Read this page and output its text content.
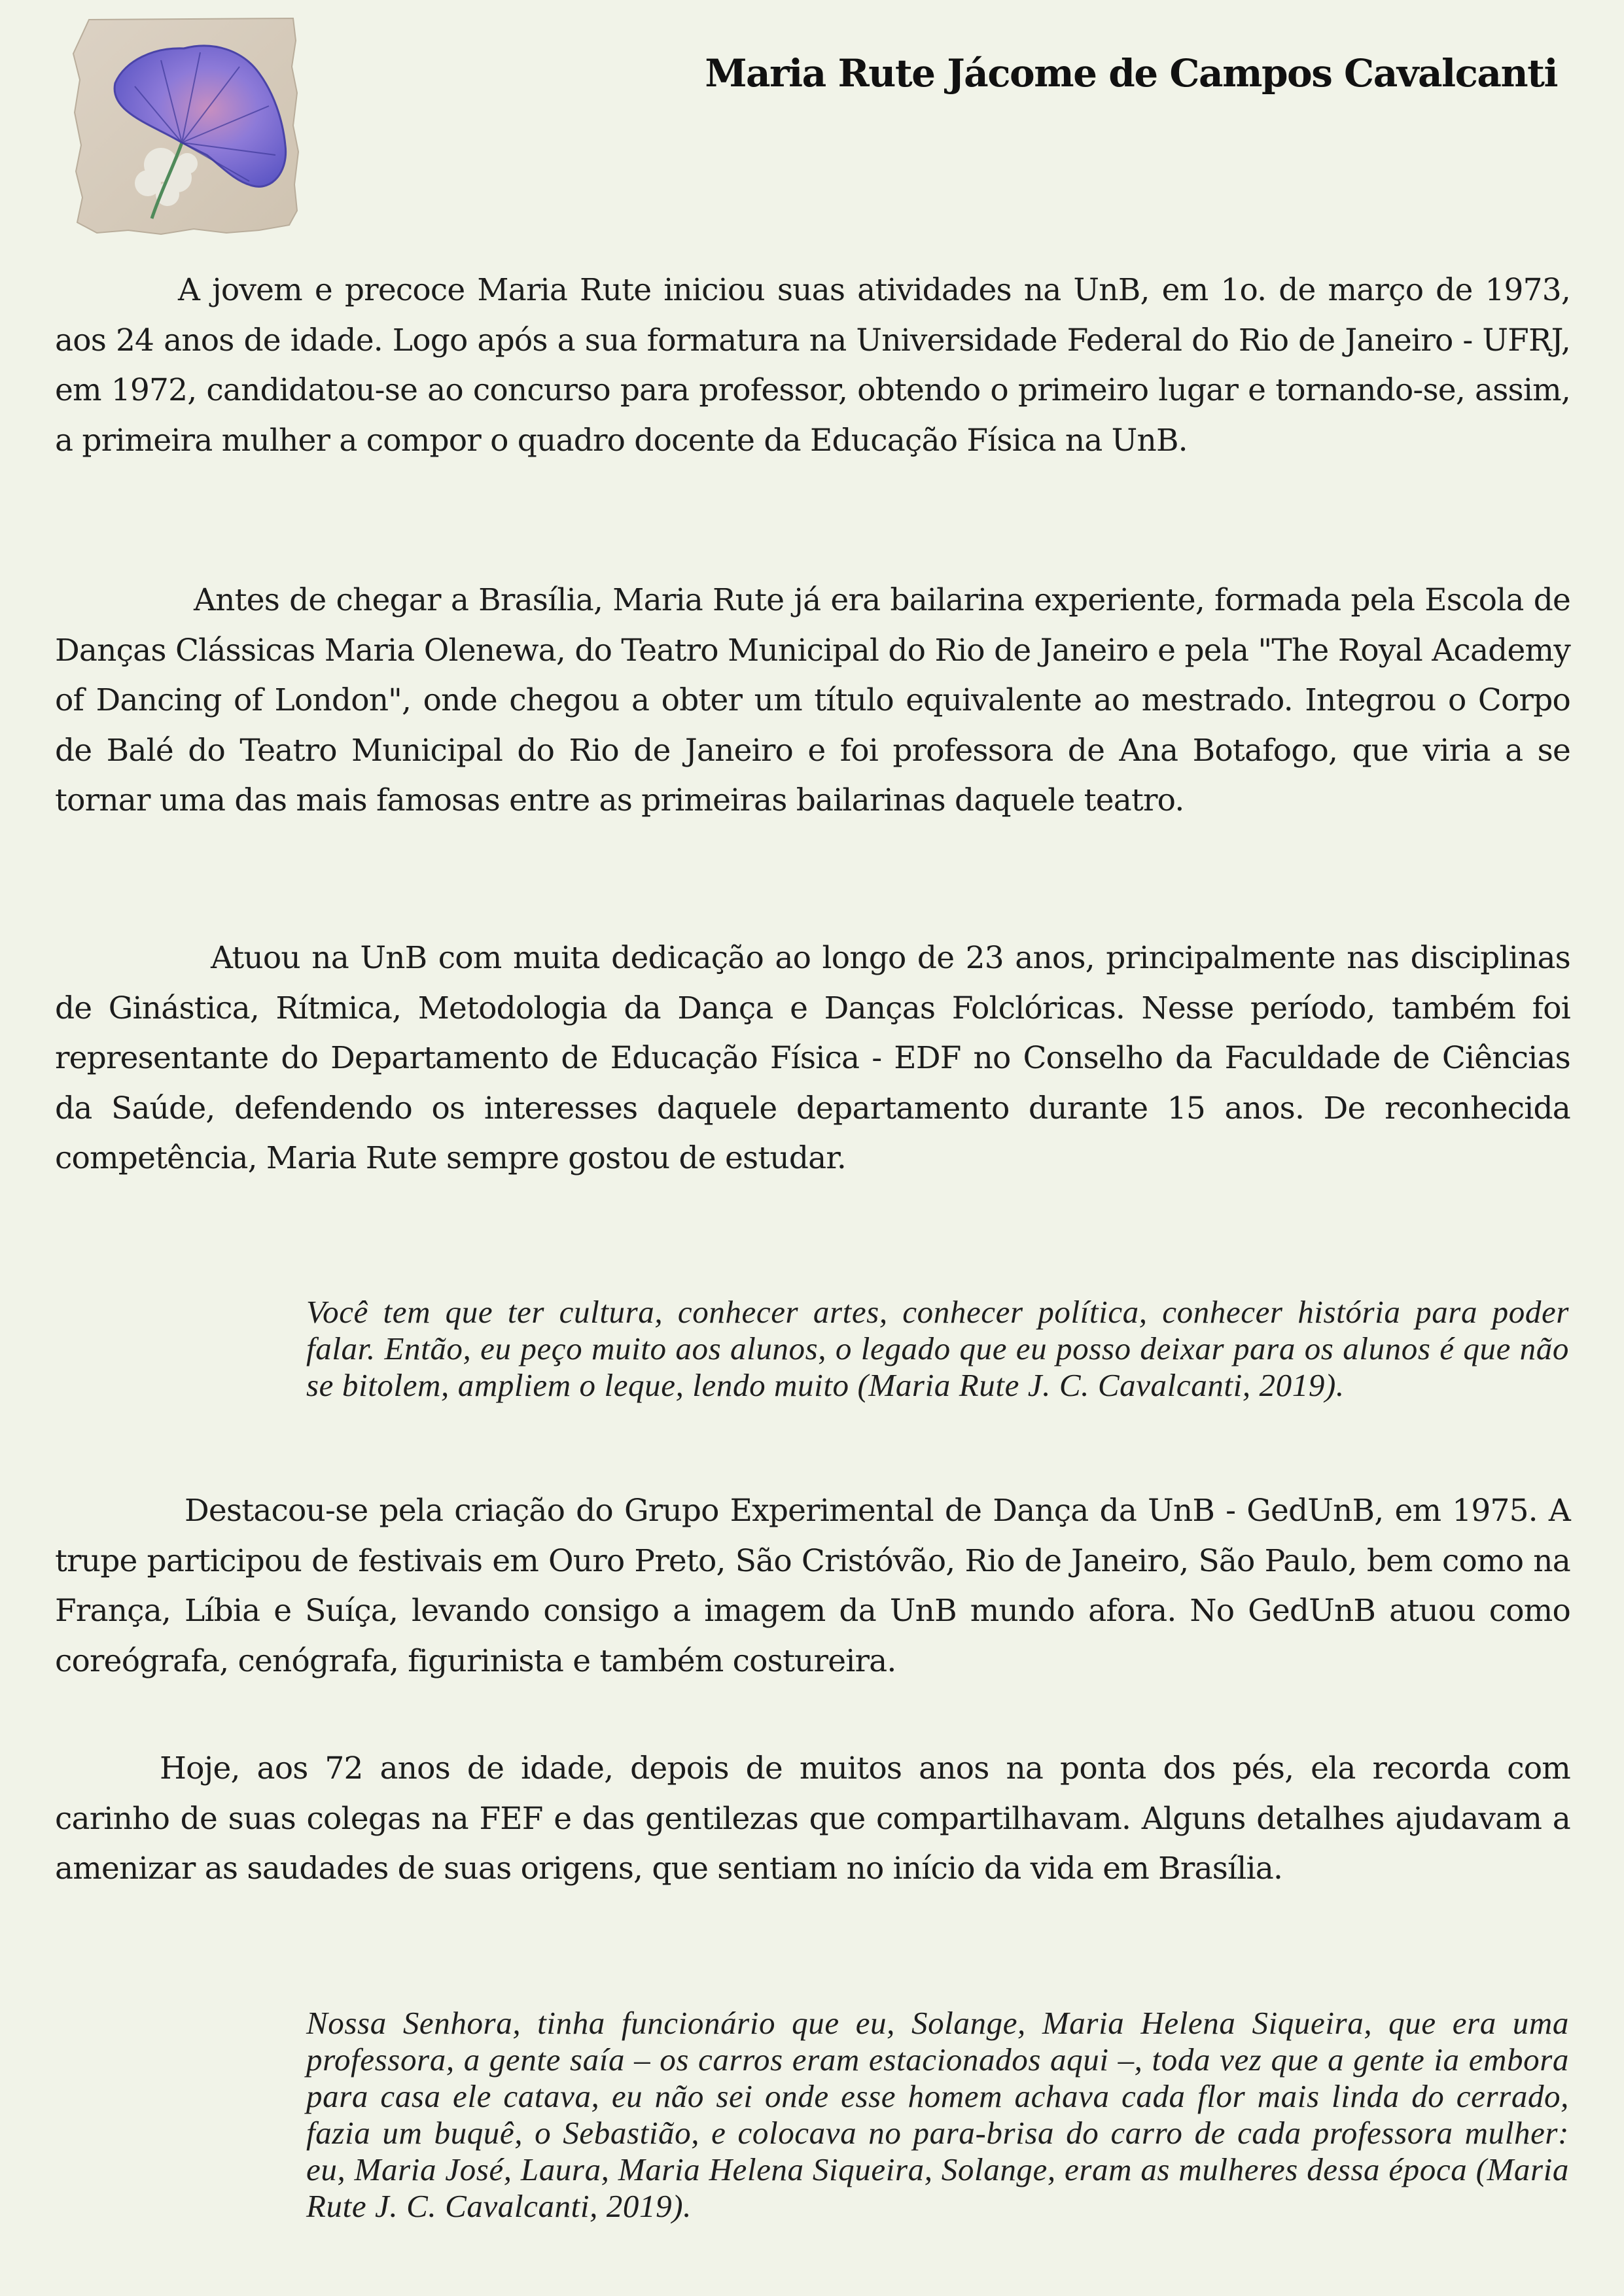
Maria Rute Jácome de Campos Cavalcanti

A jovem e precoce Maria Rute iniciou suas atividades na UnB, em 1o. de março de 1973, aos 24 anos de idade. Logo após a sua formatura na Universidade Federal do Rio de Janeiro - UFRJ, em 1972, candidatou-se ao concurso para professor, obtendo o primeiro lugar e tornando-se, assim, a primeira mulher a compor o quadro docente da Educação Física na UnB.

Antes de chegar a Brasília, Maria Rute já era bailarina experiente, formada pela Escola de Danças Clássicas Maria Olenewa, do Teatro Municipal do Rio de Janeiro e pela "The Royal Academy of Dancing of London", onde chegou a obter um título equivalente ao mestrado. Integrou o Corpo de Balé do Teatro Municipal do Rio de Janeiro e foi professora de Ana Botafogo, que viria a se tornar uma das mais famosas entre as primeiras bailarinas daquele teatro.

Atuou na UnB com muita dedicação ao longo de 23 anos, principalmente nas disciplinas de Ginástica, Rítmica, Metodologia da Dança e Danças Folclóricas. Nesse período, também foi representante do Departamento de Educação Física - EDF no Conselho da Faculdade de Ciências da Saúde, defendendo os interesses daquele departamento durante 15 anos. De reconhecida competência, Maria Rute sempre gostou de estudar.

Você tem que ter cultura, conhecer artes, conhecer política, conhecer história para poder falar. Então, eu peço muito aos alunos, o legado que eu posso deixar para os alunos é que não se bitolem, ampliem o leque, lendo muito (Maria Rute J. C. Cavalcanti, 2019).

Destacou-se pela criação do Grupo Experimental de Dança da UnB - GedUnB, em 1975. A trupe participou de festivais em Ouro Preto, São Cristóvão, Rio de Janeiro, São Paulo, bem como na França, Líbia e Suíça, levando consigo a imagem da UnB mundo afora. No GedUnB atuou como coreógrafa, cenógrafa, figurinista e também costureira.

Hoje, aos 72 anos de idade, depois de muitos anos na ponta dos pés, ela recorda com carinho de suas colegas na FEF e das gentilezas que compartilhavam. Alguns detalhes ajudavam a amenizar as saudades de suas origens, que sentiam no início da vida em Brasília.

Nossa Senhora, tinha funcionário que eu, Solange, Maria Helena Siqueira, que era uma professora, a gente saía – os carros eram estacionados aqui –, toda vez que a gente ia embora para casa ele catava, eu não sei onde esse homem achava cada flor mais linda do cerrado, fazia um buquê, o Sebastião, e colocava no para-brisa do carro de cada professora mulher: eu, Maria José, Laura, Maria Helena Siqueira, Solange, eram as mulheres dessa época (Maria Rute J. C. Cavalcanti, 2019).
